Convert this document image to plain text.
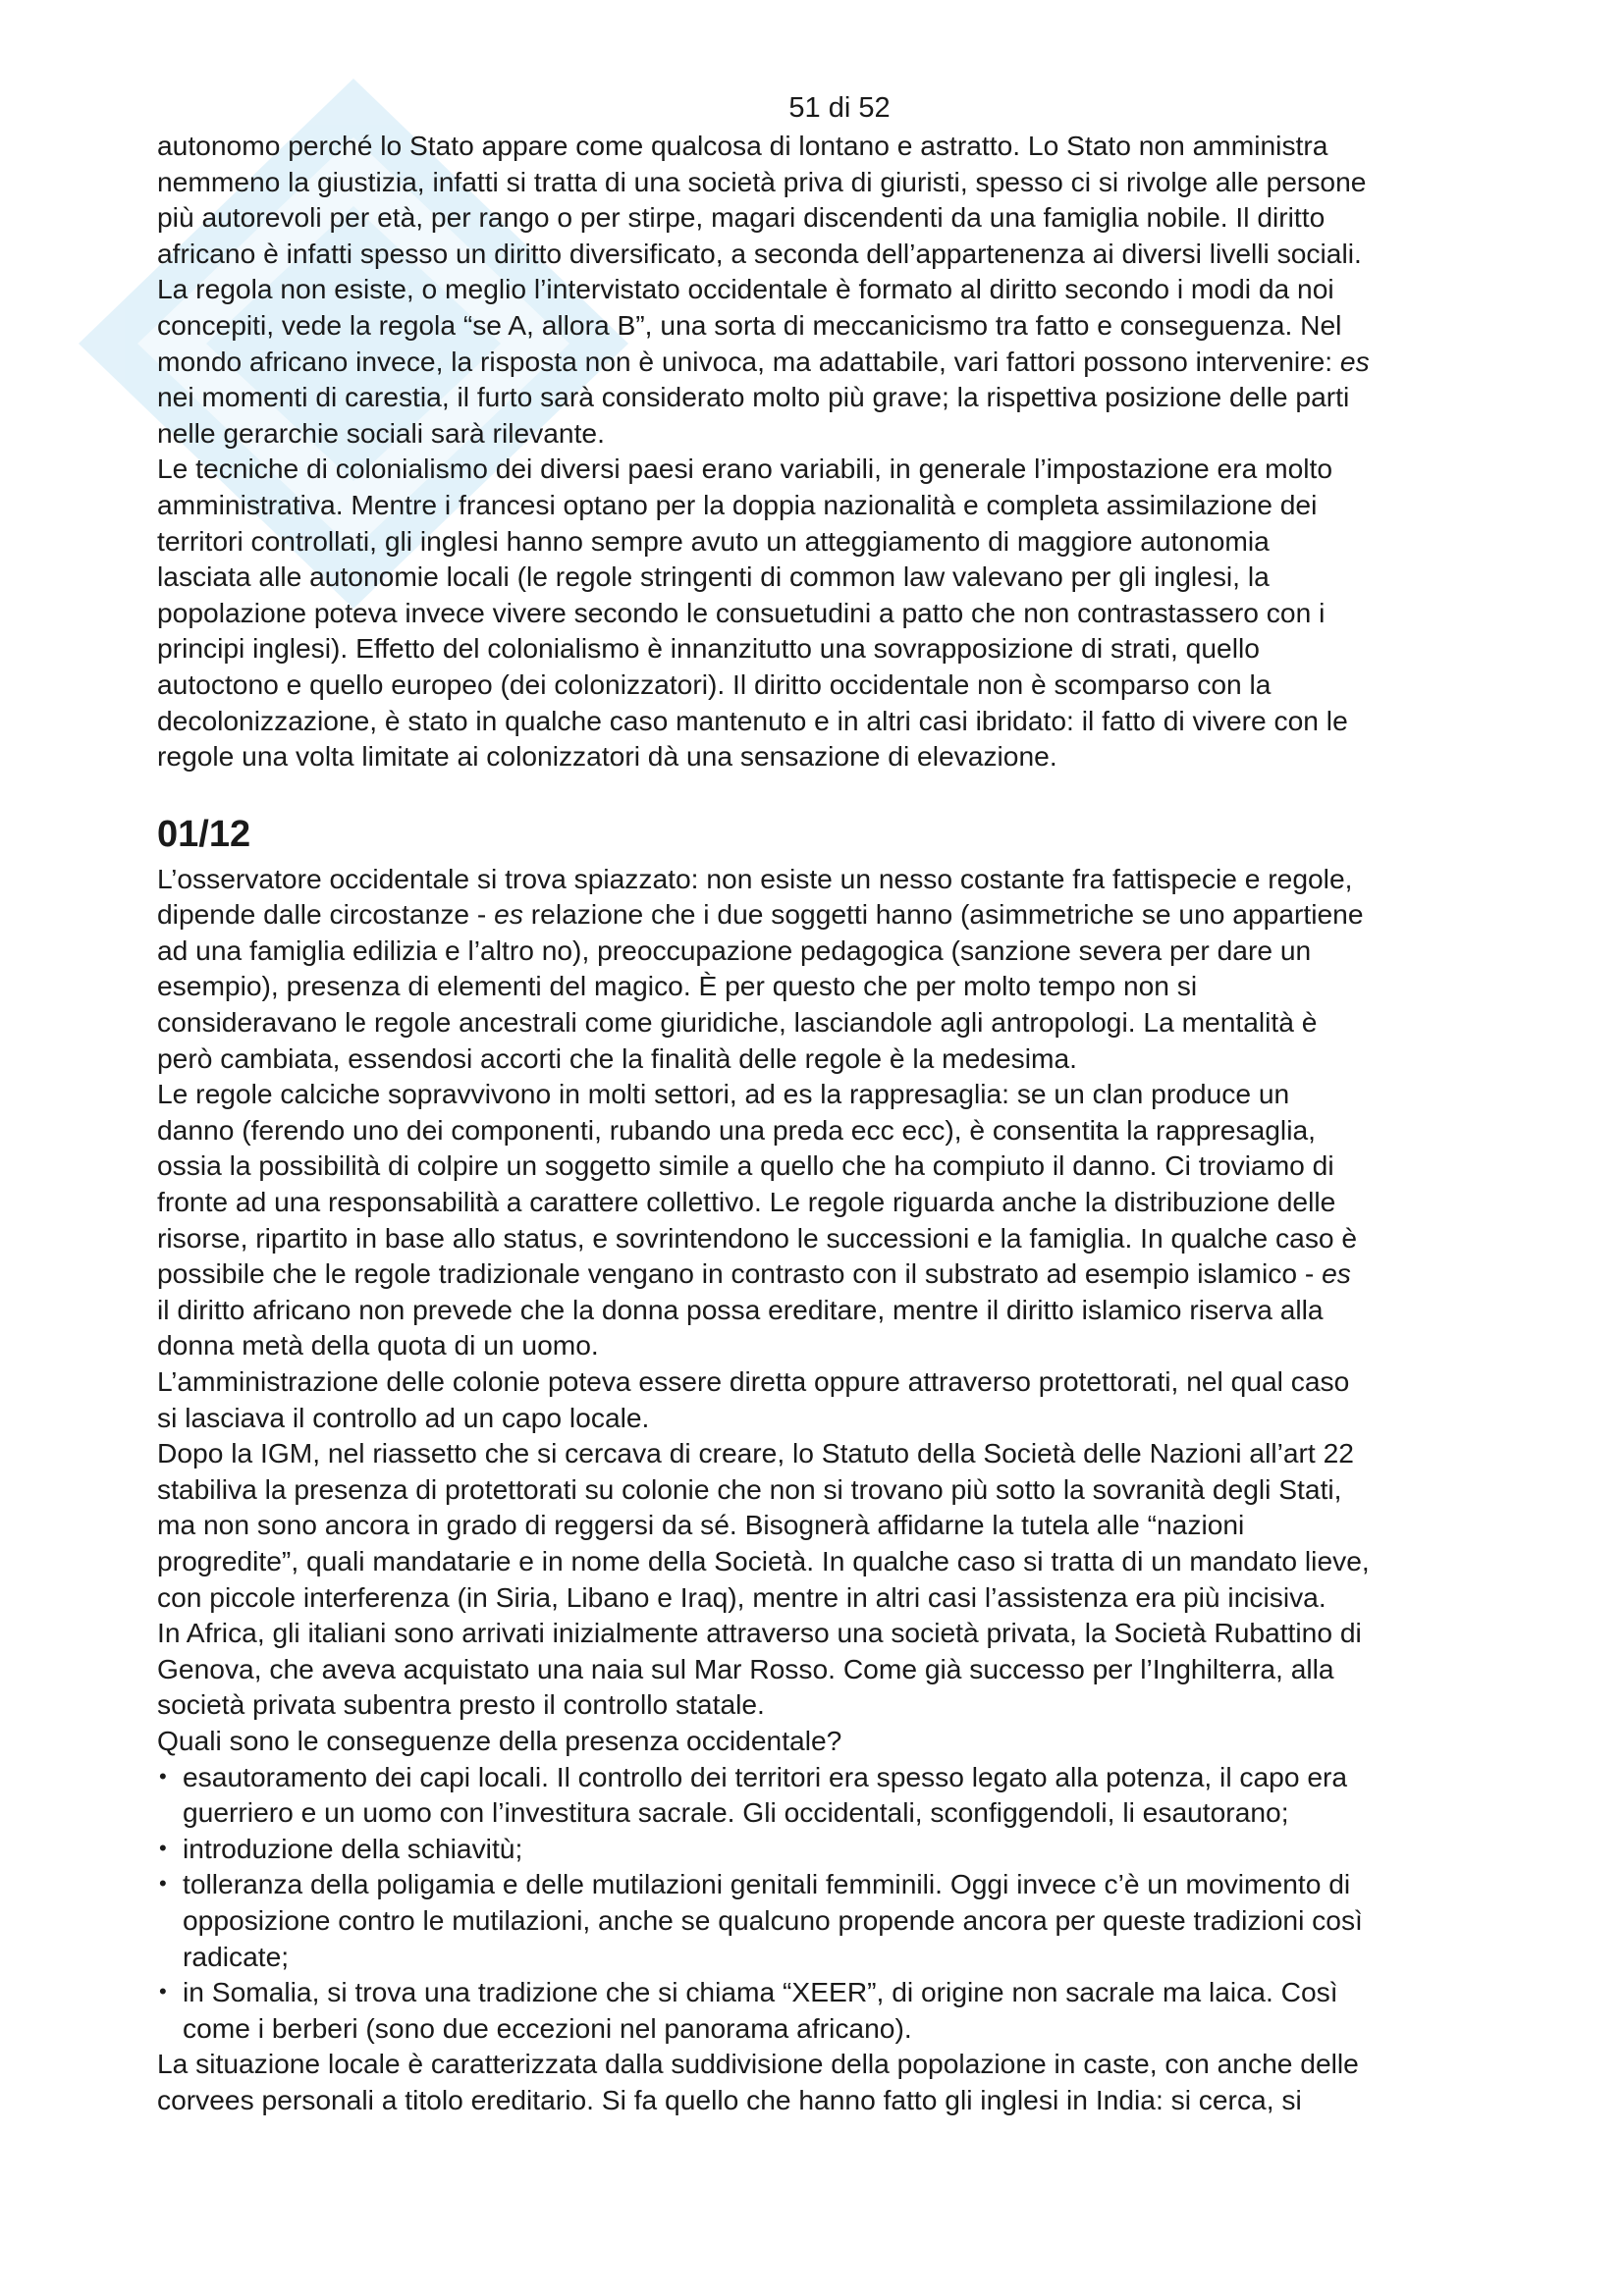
51 di 52

autonomo perché lo Stato appare come qualcosa di lontano e astratto. Lo Stato non amministra
nemmeno la giustizia, infatti si tratta di una società priva di giuristi, spesso ci si rivolge alle persone
più autorevoli per età, per rango o per stirpe, magari discendenti da una famiglia nobile. Il diritto
africano è infatti spesso un diritto diversificato, a seconda dell’appartenenza ai diversi livelli sociali.
La regola non esiste, o meglio l’intervistato occidentale è formato al diritto secondo i modi da noi
concepiti, vede la regola “se A, allora B”, una sorta di meccanicismo tra fatto e conseguenza. Nel
mondo africano invece, la risposta non è univoca, ma adattabile, vari fattori possono intervenire: es
nei momenti di carestia, il furto sarà considerato molto più grave; la rispettiva posizione delle parti
nelle gerarchie sociali sarà rilevante.

Le tecniche di colonialismo dei diversi paesi erano variabili, in generale l’impostazione era molto
amministrativa. Mentre i francesi optano per la doppia nazionalità e completa assimilazione dei
territori controllati, gli inglesi hanno sempre avuto un atteggiamento di maggiore autonomia
lasciata alle autonomie locali (le regole stringenti di common law valevano per gli inglesi, la
popolazione poteva invece vivere secondo le consuetudini a patto che non contrastassero con i
principi inglesi). Effetto del colonialismo è innanzitutto una sovrapposizione di strati, quello
autoctono e quello europeo (dei colonizzatori). Il diritto occidentale non è scomparso con la
decolonizzazione, è stato in qualche caso mantenuto e in altri casi ibridato: il fatto di vivere con le
regole una volta limitate ai colonizzatori dà una sensazione di elevazione.

01/12

L’osservatore occidentale si trova spiazzato: non esiste un nesso costante fra fattispecie e regole,
dipende dalle circostanze - es relazione che i due soggetti hanno (asimmetriche se uno appartiene
ad una famiglia edilizia e l’altro no), preoccupazione pedagogica (sanzione severa per dare un
esempio), presenza di elementi del magico. È per questo che per molto tempo non si
consideravano le regole ancestrali come giuridiche, lasciandole agli antropologi. La mentalità è
però cambiata, essendosi accorti che la finalità delle regole è la medesima.

Le regole calciche sopravvivono in molti settori, ad es la rappresaglia: se un clan produce un
danno (ferendo uno dei componenti, rubando una preda ecc ecc), è consentita la rappresaglia,
ossia la possibilità di colpire un soggetto simile a quello che ha compiuto il danno. Ci troviamo di
fronte ad una responsabilità a carattere collettivo. Le regole riguarda anche la distribuzione delle
risorse, ripartito in base allo status, e sovrintendono le successioni e la famiglia. In qualche caso è
possibile che le regole tradizionale vengano in contrasto con il substrato ad esempio islamico - es
il diritto africano non prevede che la donna possa ereditare, mentre il diritto islamico riserva alla
donna metà della quota di un uomo.

L’amministrazione delle colonie poteva essere diretta oppure attraverso protettorati, nel qual caso
si lasciava il controllo ad un capo locale.

Dopo la IGM, nel riassetto che si cercava di creare, lo Statuto della Società delle Nazioni all’art 22
stabiliva la presenza di protettorati su colonie che non si trovano più sotto la sovranità degli Stati,
ma non sono ancora in grado di reggersi da sé. Bisognerà affidarne la tutela alle “nazioni
progredite”, quali mandatarie e in nome della Società. In qualche caso si tratta di un mandato lieve,
con piccole interferenza (in Siria, Libano e Iraq), mentre in altri casi l’assistenza era più incisiva.

In Africa, gli italiani sono arrivati inizialmente attraverso una società privata, la Società Rubattino di
Genova, che aveva acquistato una naia sul Mar Rosso. Come già successo per l’Inghilterra, alla
società privata subentra presto il controllo statale.

Quali sono le conseguenze della presenza occidentale?

• esautoramento dei capi locali. Il controllo dei territori era spesso legato alla potenza, il capo era
guerriero e un uomo con l’investitura sacrale. Gli occidentali, sconfiggendoli, li esautorano;
• introduzione della schiavitù;
• tolleranza della poligamia e delle mutilazioni genitali femminili. Oggi invece c’è un movimento di
opposizione contro le mutilazioni, anche se qualcuno propende ancora per queste tradizioni così
radicate;
• in Somalia, si trova una tradizione che si chiama “XEER”, di origine non sacrale ma laica. Così
come i berberi (sono due eccezioni nel panorama africano).

La situazione locale è caratterizzata dalla suddivisione della popolazione in caste, con anche delle
corvees personali a titolo ereditario. Si fa quello che hanno fatto gli inglesi in India: si cerca, si
